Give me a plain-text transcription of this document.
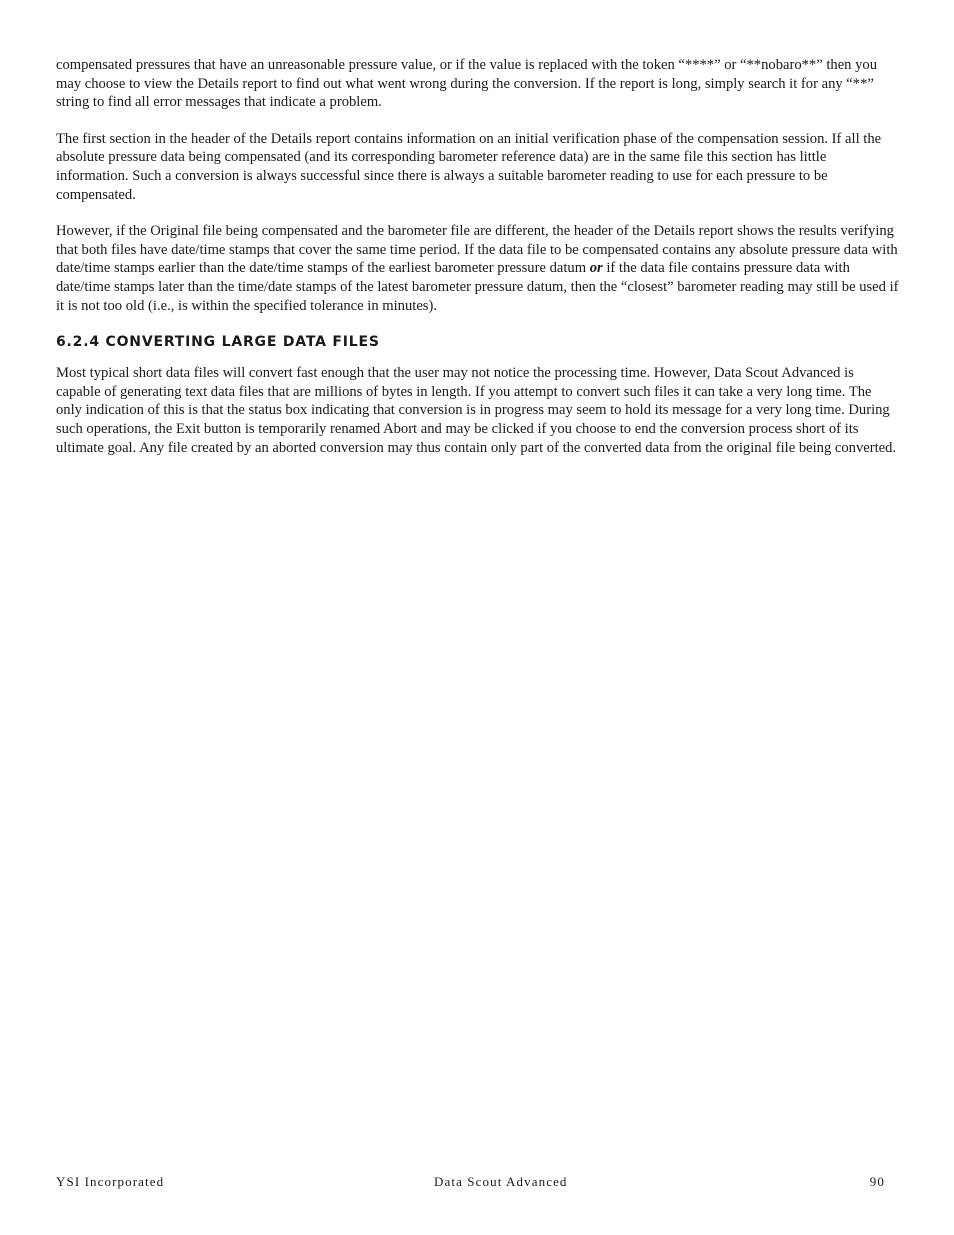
compensated pressures that have an unreasonable pressure value, or if the value is replaced with the token “****” or “**nobaro**” then you may choose to view the Details report to find out what went wrong during the conversion. If the report is long, simply search it for any “**” string to find all error messages that indicate a problem.

The first section in the header of the Details report contains information on an initial verification phase of the compensation session. If all the absolute pressure data being compensated (and its corresponding barometer reference data) are in the same file this section has little information. Such a conversion is always successful since there is always a suitable barometer reading to use for each pressure to be compensated.

However, if the Original file being compensated and the barometer file are different, the header of the Details report shows the results verifying that both files have date/time stamps that cover the same time period. If the data file to be compensated contains any absolute pressure data with date/time stamps earlier than the date/time stamps of the earliest barometer pressure datum or if the data file contains pressure data with date/time stamps later than the time/date stamps of the latest barometer pressure datum, then the “closest” barometer reading may still be used if it is not too old (i.e., is within the specified tolerance in minutes).

6.2.4 CONVERTING LARGE DATA FILES

Most typical short data files will convert fast enough that the user may not notice the processing time. However, Data Scout Advanced is capable of generating text data files that are millions of bytes in length. If you attempt to convert such files it can take a very long time. The only indication of this is that the status box indicating that conversion is in progress may seem to hold its message for a very long time. During such operations, the Exit button is temporarily renamed Abort and may be clicked if you choose to end the conversion process short of its ultimate goal. Any file created by an aborted conversion may thus contain only part of the converted data from the original file being converted.

YSI Incorporated	Data Scout Advanced	90
